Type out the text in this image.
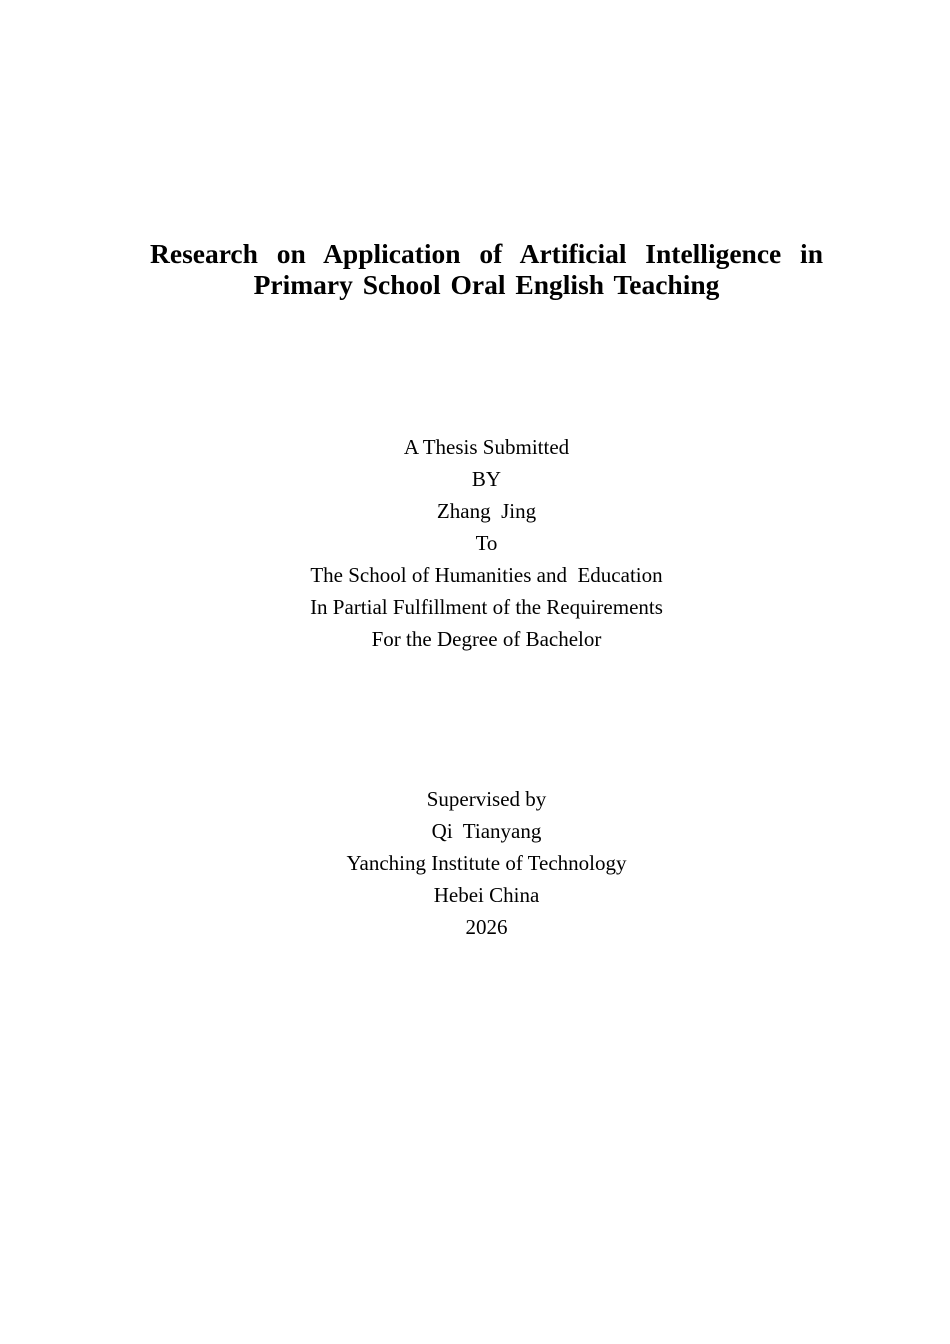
Research on Application of Artificial Intelligence in
Primary School Oral English Teaching
A Thesis Submitted
BY
Zhang  Jing
To
The School of Humanities and  Education
In Partial Fulfillment of the Requirements
For the Degree of Bachelor
Supervised by
Qi  Tianyang
Yanching Institute of Technology
Hebei China
2026
